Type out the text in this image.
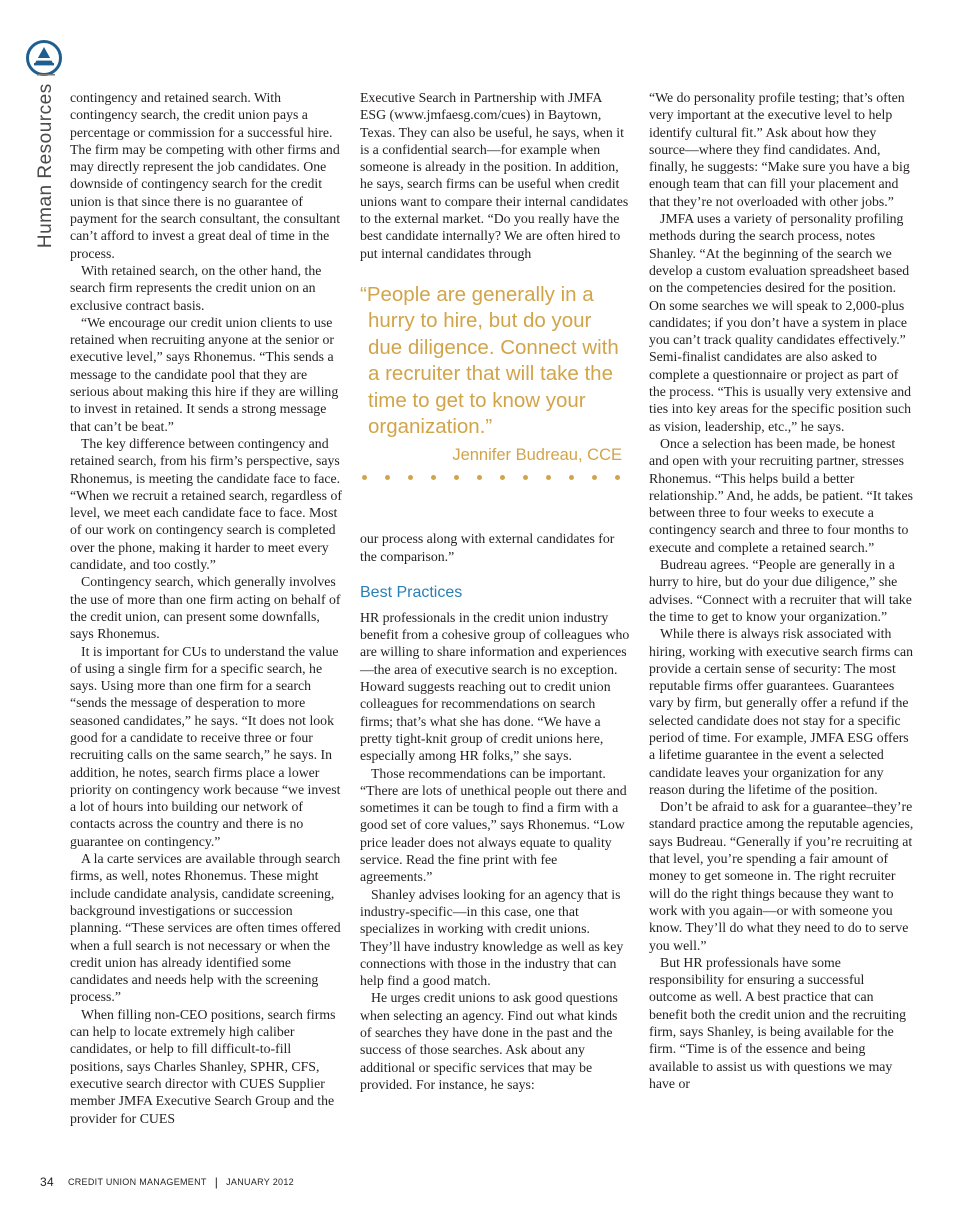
Human Resources|

contingency and retained search. With contingency search, the credit union pays a percentage or commission for a successful hire. The firm may be competing with other firms and may directly represent the job candidates. One downside of contingency search for the credit union is that since there is no guarantee of payment for the search consultant, the consultant can’t afford to invest a great deal of time in the process.

With retained search, on the other hand, the search firm represents the credit union on an exclusive contract basis.

“We encourage our credit union clients to use retained when recruiting anyone at the senior or executive level,” says Rhonemus. “This sends a message to the candidate pool that they are serious about making this hire if they are willing to invest in retained. It sends a strong message that can’t be beat.”

The key difference between contingency and retained search, from his firm’s perspective, says Rhonemus, is meeting the candidate face to face. “When we recruit a retained search, regardless of level, we meet each candidate face to face. Most of our work on contingency search is completed over the phone, making it harder to meet every candidate, and too costly.”

Contingency search, which generally involves the use of more than one firm acting on behalf of the credit union, can present some downfalls, says Rhonemus.

It is important for CUs to understand the value of using a single firm for a specific search, he says. Using more than one firm for a search “sends the message of desperation to more seasoned candidates,” he says. “It does not look good for a candidate to receive three or four recruiting calls on the same search,” he says. In addition, he notes, search firms place a lower priority on contingency work because “we invest a lot of hours into building our network of contacts across the country and there is no guarantee on contingency.”

A la carte services are available through search firms, as well, notes Rhonemus. These might include candidate analysis, candidate screening, background investigations or succession planning. “These services are often times offered when a full search is not necessary or when the credit union has already identified some candidates and needs help with the screening process.”

When filling non-CEO positions, search firms can help to locate extremely high caliber candidates, or help to fill difficult-to-fill positions, says Charles Shanley, SPHR, CFS, executive search director with CUES Supplier member JMFA Executive Search Group and the provider for CUES

Executive Search in Partnership with JMFA ESG (www.jmfaesg.com/cues) in Baytown, Texas. They can also be useful, he says, when it is a confidential search—for example when someone is already in the position. In addition, he says, search firms can be useful when credit unions want to compare their internal candidates to the external market. “Do you really have the best candidate internally? We are often hired to put internal candidates through

“People are generally in a hurry to hire, but do your due diligence. Connect with a recruiter that will take the time to get to know your organization.”

Jennifer Budreau, CCE

our process along with external candidates for the comparison.”

Best Practices

HR professionals in the credit union industry benefit from a cohesive group of colleagues who are willing to share information and experiences—the area of executive search is no exception. Howard suggests reaching out to credit union colleagues for recommendations on search firms; that’s what she has done. “We have a pretty tight-knit group of credit unions here, especially among HR folks,” she says.

Those recommendations can be important. “There are lots of unethical people out there and sometimes it can be tough to find a firm with a good set of core values,” says Rhonemus. “Low price leader does not always equate to quality service. Read the fine print with fee agreements.”

Shanley advises looking for an agency that is industry-specific—in this case, one that specializes in working with credit unions. They’ll have industry knowledge as well as key connections with those in the industry that can help find a good match.

He urges credit unions to ask good questions when selecting an agency. Find out what kinds of searches they have done in the past and the success of those searches. Ask about any additional or specific services that may be provided. For instance, he says:

“We do personality profile testing; that’s often very important at the executive level to help identify cultural fit.” Ask about how they source—where they find candidates. And, finally, he suggests: “Make sure you have a big enough team that can fill your placement and that they’re not overloaded with other jobs.”

JMFA uses a variety of personality profiling methods during the search process, notes Shanley. “At the beginning of the search we develop a custom evaluation spreadsheet based on the competencies desired for the position. On some searches we will speak to 2,000-plus candidates; if you don’t have a system in place you can’t track quality candidates effectively.” Semi-finalist candidates are also asked to complete a questionnaire or project as part of the process. “This is usually very extensive and ties into key areas for the specific position such as vision, leadership, etc.,” he says.

Once a selection has been made, be honest and open with your recruiting partner, stresses Rhonemus. “This helps build a better relationship.” And, he adds, be patient. “It takes between three to four weeks to execute a contingency search and three to four months to execute and complete a retained search.”

Budreau agrees. “People are generally in a hurry to hire, but do your due diligence,” she advises. “Connect with a recruiter that will take the time to get to know your organization.”

While there is always risk associated with hiring, working with executive search firms can provide a certain sense of security: The most reputable firms offer guarantees. Guarantees vary by firm, but generally offer a refund if the selected candidate does not stay for a specific period of time. For example, JMFA ESG offers a lifetime guarantee in the event a selected candidate leaves your organization for any reason during the lifetime of the position.

Don’t be afraid to ask for a guarantee–they’re standard practice among the reputable agencies, says Budreau. “Generally if you’re recruiting at that level, you’re spending a fair amount of money to get someone in. The right recruiter will do the right things because they want to work with you again—or with someone you know. They’ll do what they need to do to serve you well.”

But HR professionals have some responsibility for ensuring a successful outcome as well. A best practice that can benefit both the credit union and the recruiting firm, says Shanley, is being available for the firm. “Time is of the essence and being available to assist us with questions we may have or

34 CREDIT UNION MANAGEMENT | JANUARY 2012
